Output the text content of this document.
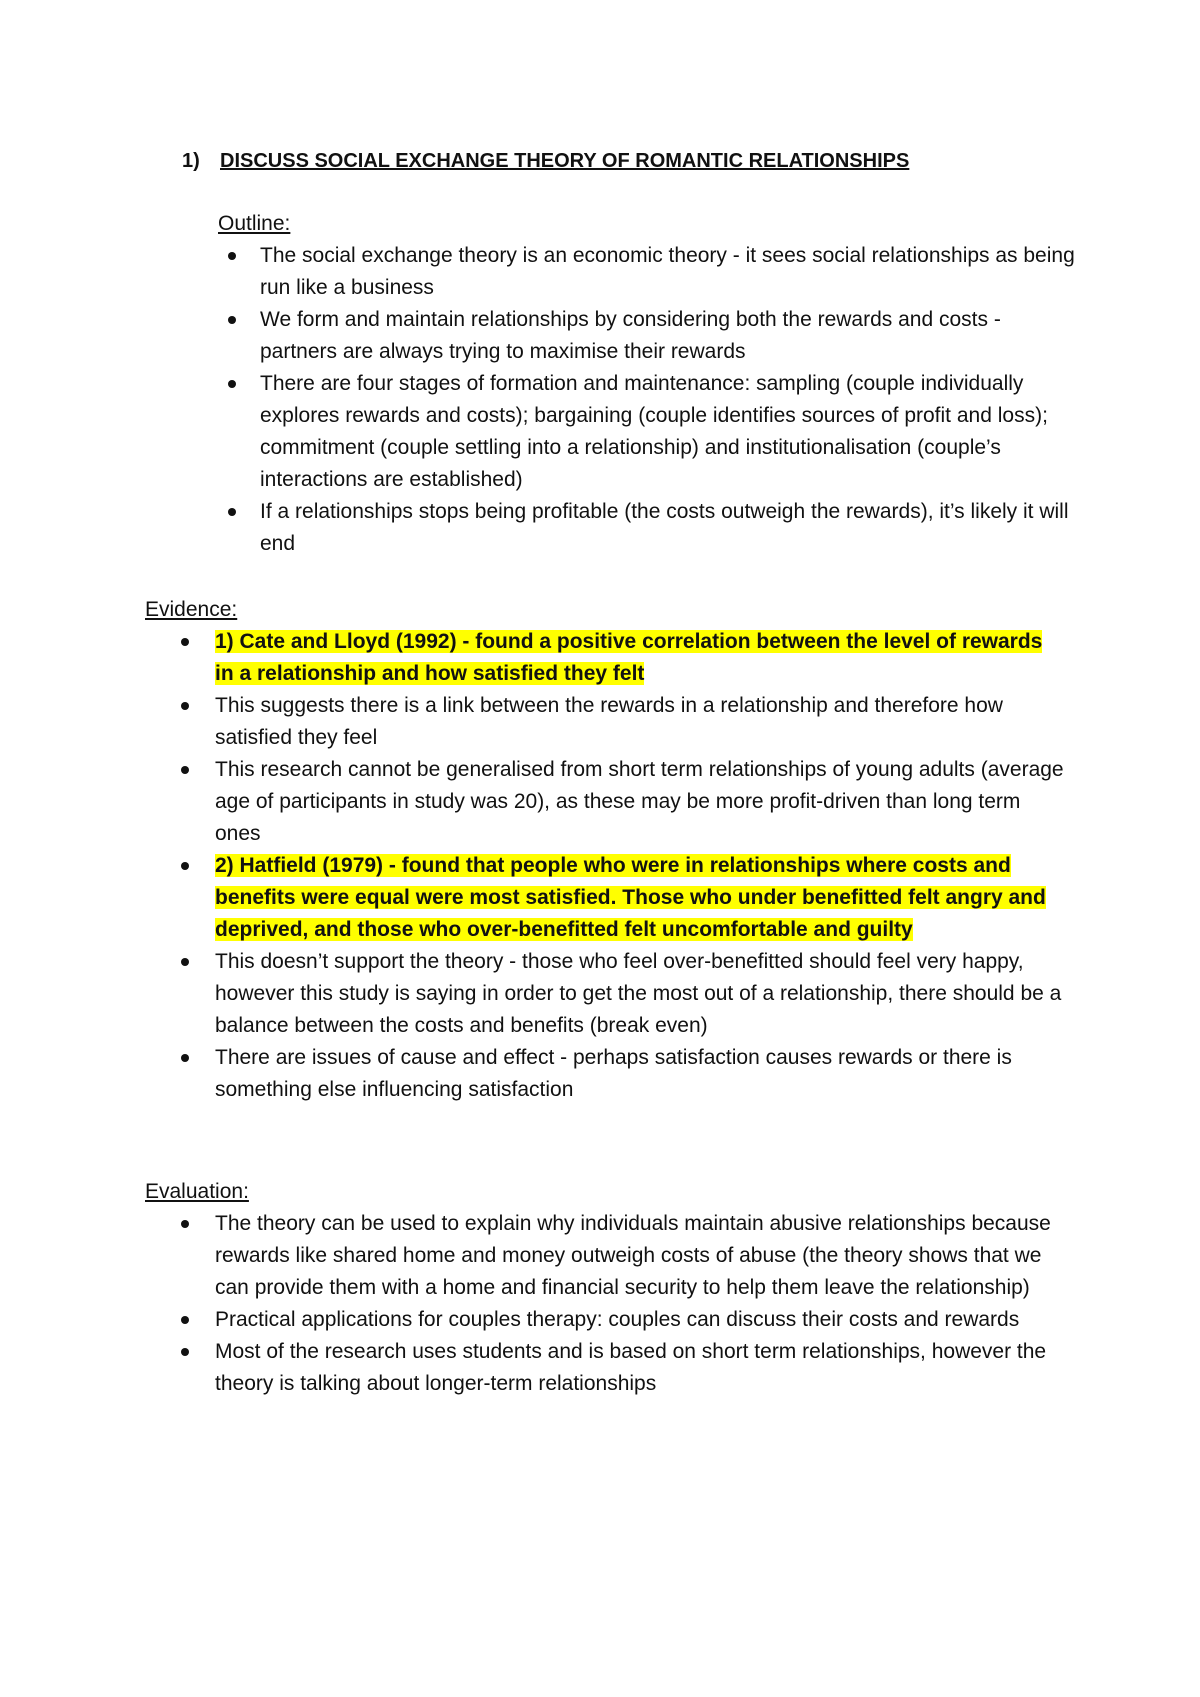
1) DISCUSS SOCIAL EXCHANGE THEORY OF ROMANTIC RELATIONSHIPS
Outline:
The social exchange theory is an economic theory - it sees social relationships as being run like a business
We form and maintain relationships by considering both the rewards and costs - partners are always trying to maximise their rewards
There are four stages of formation and maintenance: sampling (couple individually explores rewards and costs); bargaining (couple identifies sources of profit and loss); commitment (couple settling into a relationship) and institutionalisation (couple’s interactions are established)
If a relationships stops being profitable (the costs outweigh the rewards), it’s likely it will end
Evidence:
1) Cate and Lloyd (1992) - found a positive correlation between the level of rewards in a relationship and how satisfied they felt
This suggests there is a link between the rewards in a relationship and therefore how satisfied they feel
This research cannot be generalised from short term relationships of young adults (average age of participants in study was 20), as these may be more profit-driven than long term ones
2) Hatfield (1979) - found that people who were in relationships where costs and benefits were equal were most satisfied. Those who under benefitted felt angry and deprived, and those who over-benefitted felt uncomfortable and guilty
This doesn’t support the theory - those who feel over-benefitted should feel very happy, however this study is saying in order to get the most out of a relationship, there should be a balance between the costs and benefits (break even)
There are issues of cause and effect - perhaps satisfaction causes rewards or there is something else influencing satisfaction
Evaluation:
The theory can be used to explain why individuals maintain abusive relationships because rewards like shared home and money outweigh costs of abuse (the theory shows that we can provide them with a home and financial security to help them leave the relationship)
Practical applications for couples therapy: couples can discuss their costs and rewards
Most of the research uses students and is based on short term relationships, however the theory is talking about longer-term relationships
